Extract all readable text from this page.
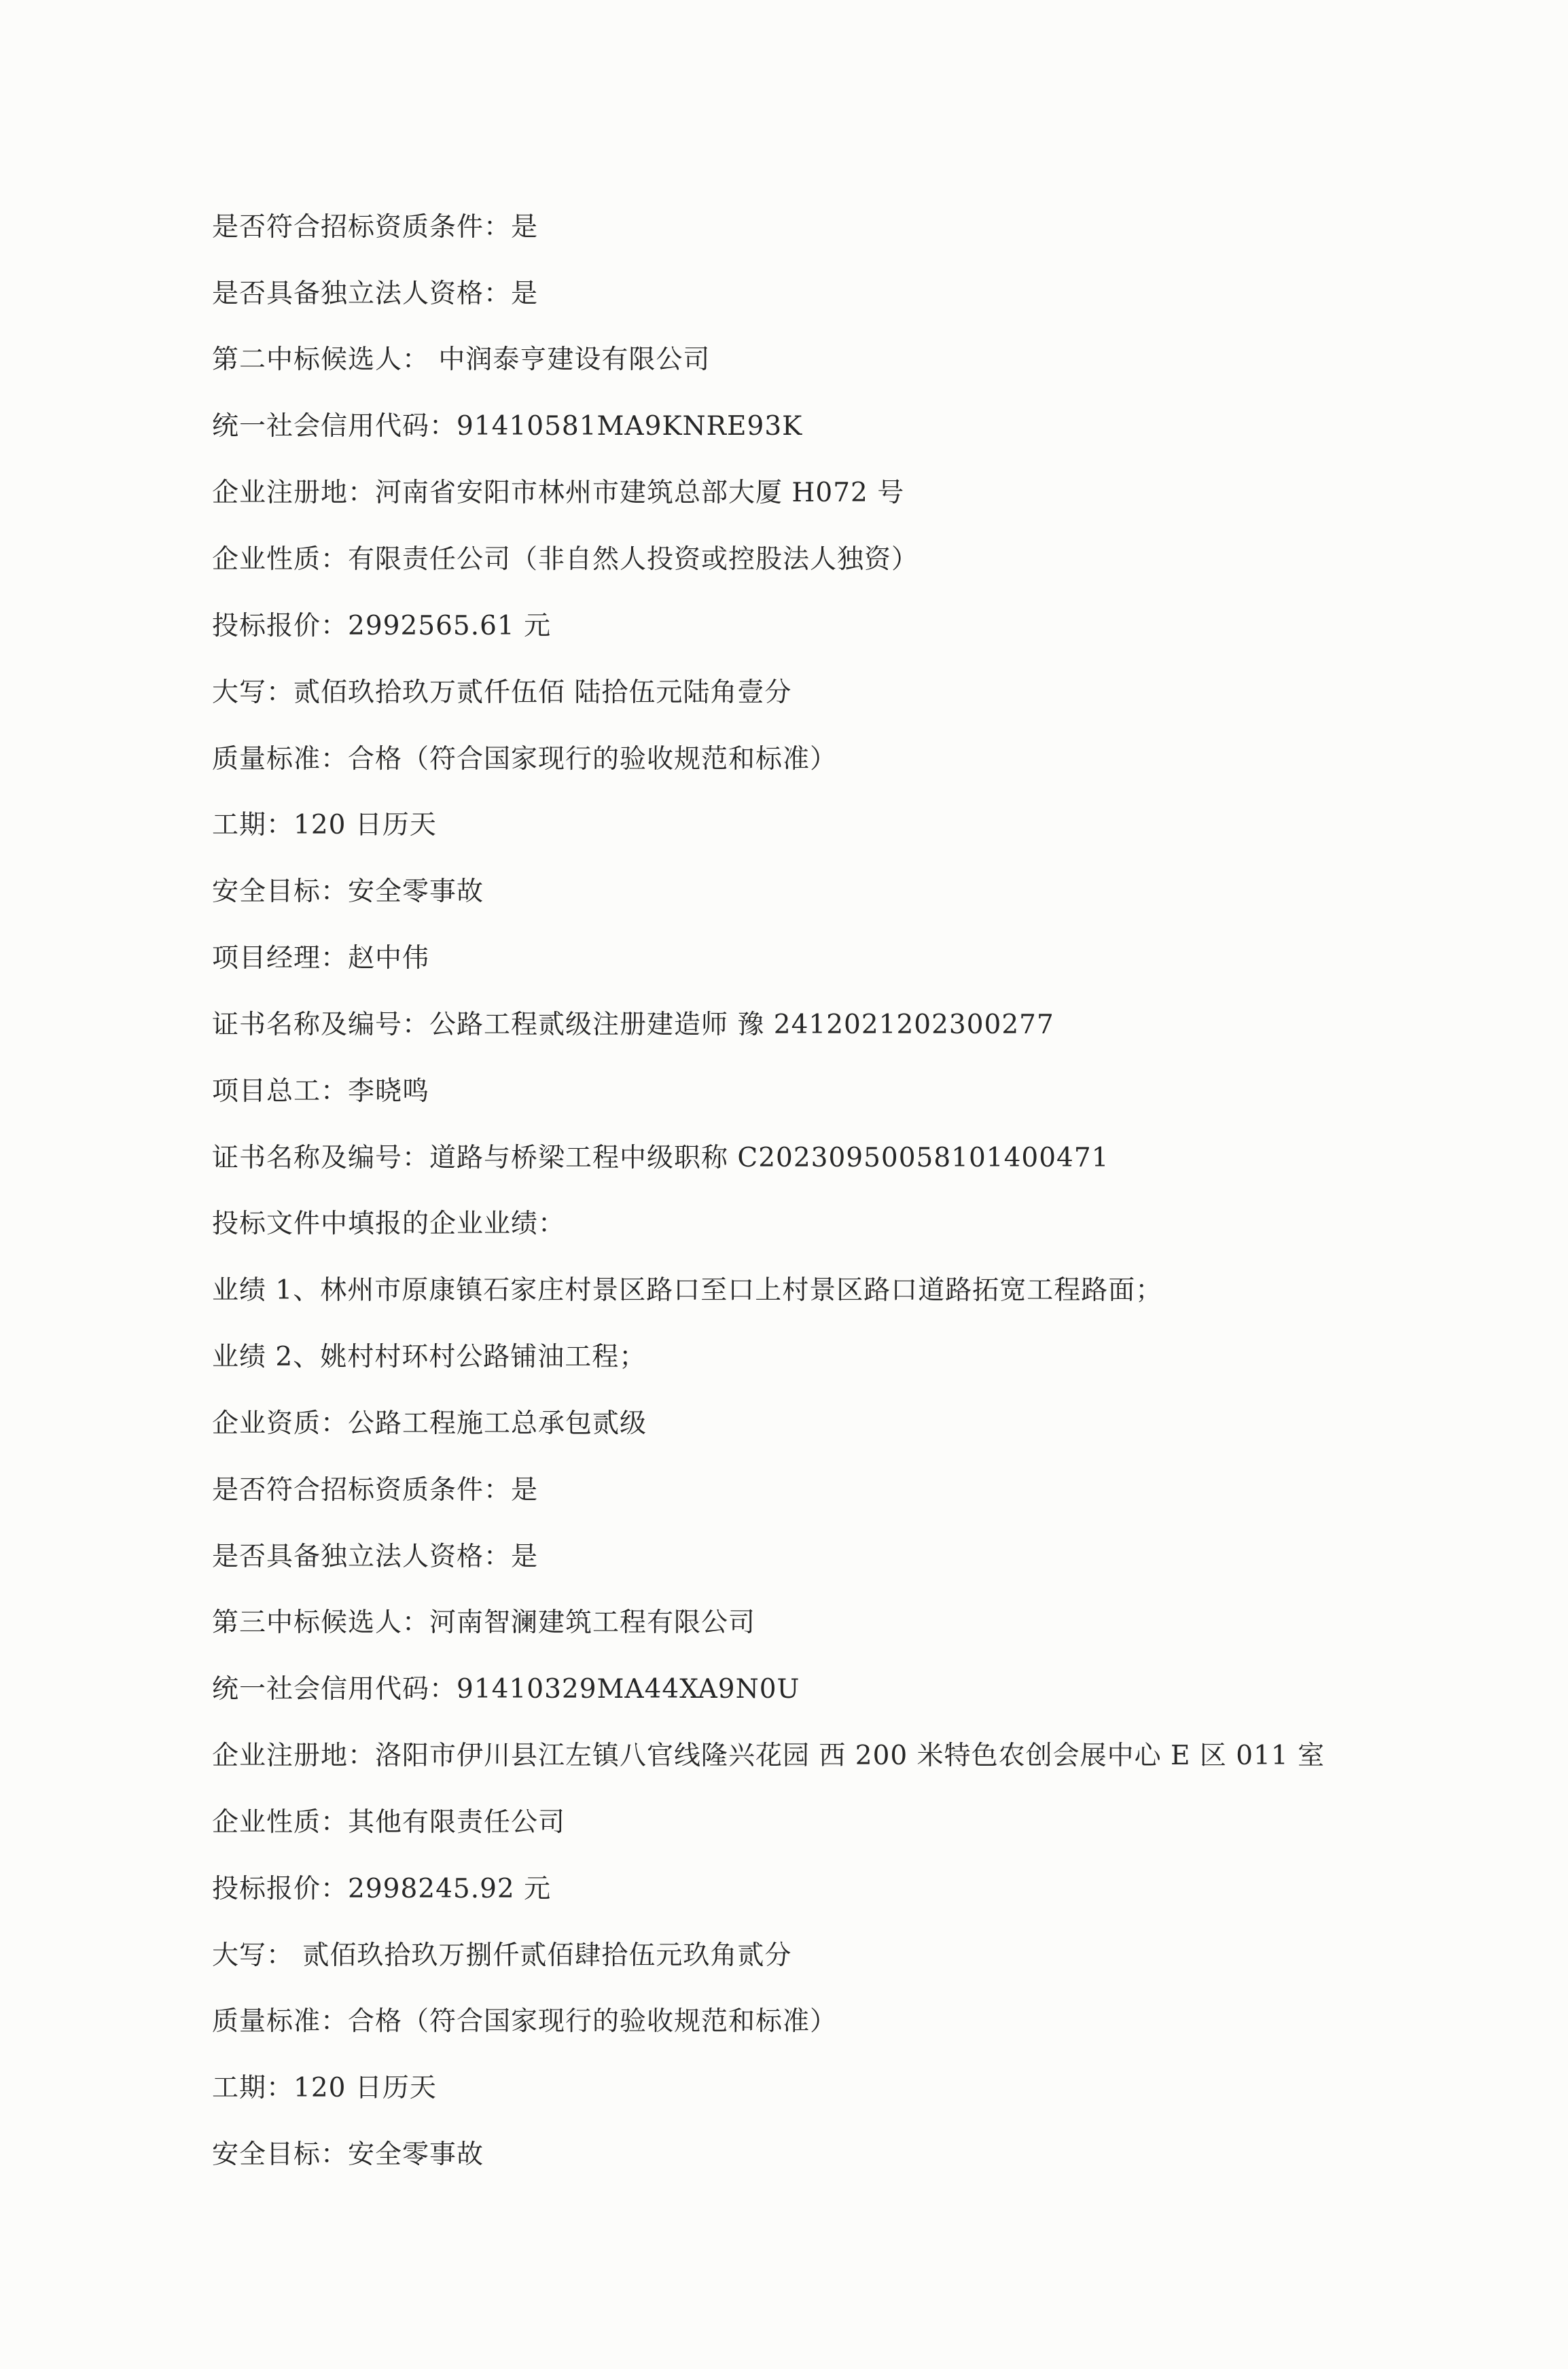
是否符合招标资质条件：是
是否具备独立法人资格：是
第二中标候选人： 中润泰亨建设有限公司
统一社会信用代码：91410581MA9KNRE93K
企业注册地：河南省安阳市林州市建筑总部大厦 H072 号
企业性质：有限责任公司（非自然人投资或控股法人独资）
投标报价：2992565.61 元
大写：贰佰玖拾玖万贰仟伍佰 陆拾伍元陆角壹分
质量标准：合格（符合国家现行的验收规范和标准）
工期：120 日历天
安全目标：安全零事故
项目经理：赵中伟
证书名称及编号：公路工程贰级注册建造师 豫 2412021202300277
项目总工：李晓鸣
证书名称及编号：道路与桥梁工程中级职称 C20230950058101400471
投标文件中填报的企业业绩：
业绩 1、林州市原康镇石家庄村景区路口至口上村景区路口道路拓宽工程路面；
业绩 2、姚村村环村公路铺油工程；
企业资质：公路工程施工总承包贰级
是否符合招标资质条件：是
是否具备独立法人资格：是
第三中标候选人：河南智澜建筑工程有限公司
统一社会信用代码：91410329MA44XA9N0U
企业注册地：洛阳市伊川县江左镇八官线隆兴花园 西 200 米特色农创会展中心 E 区 011 室
企业性质：其他有限责任公司
投标报价：2998245.92 元
大写： 贰佰玖拾玖万捌仟贰佰肆拾伍元玖角贰分
质量标准：合格（符合国家现行的验收规范和标准）
工期：120 日历天
安全目标：安全零事故
